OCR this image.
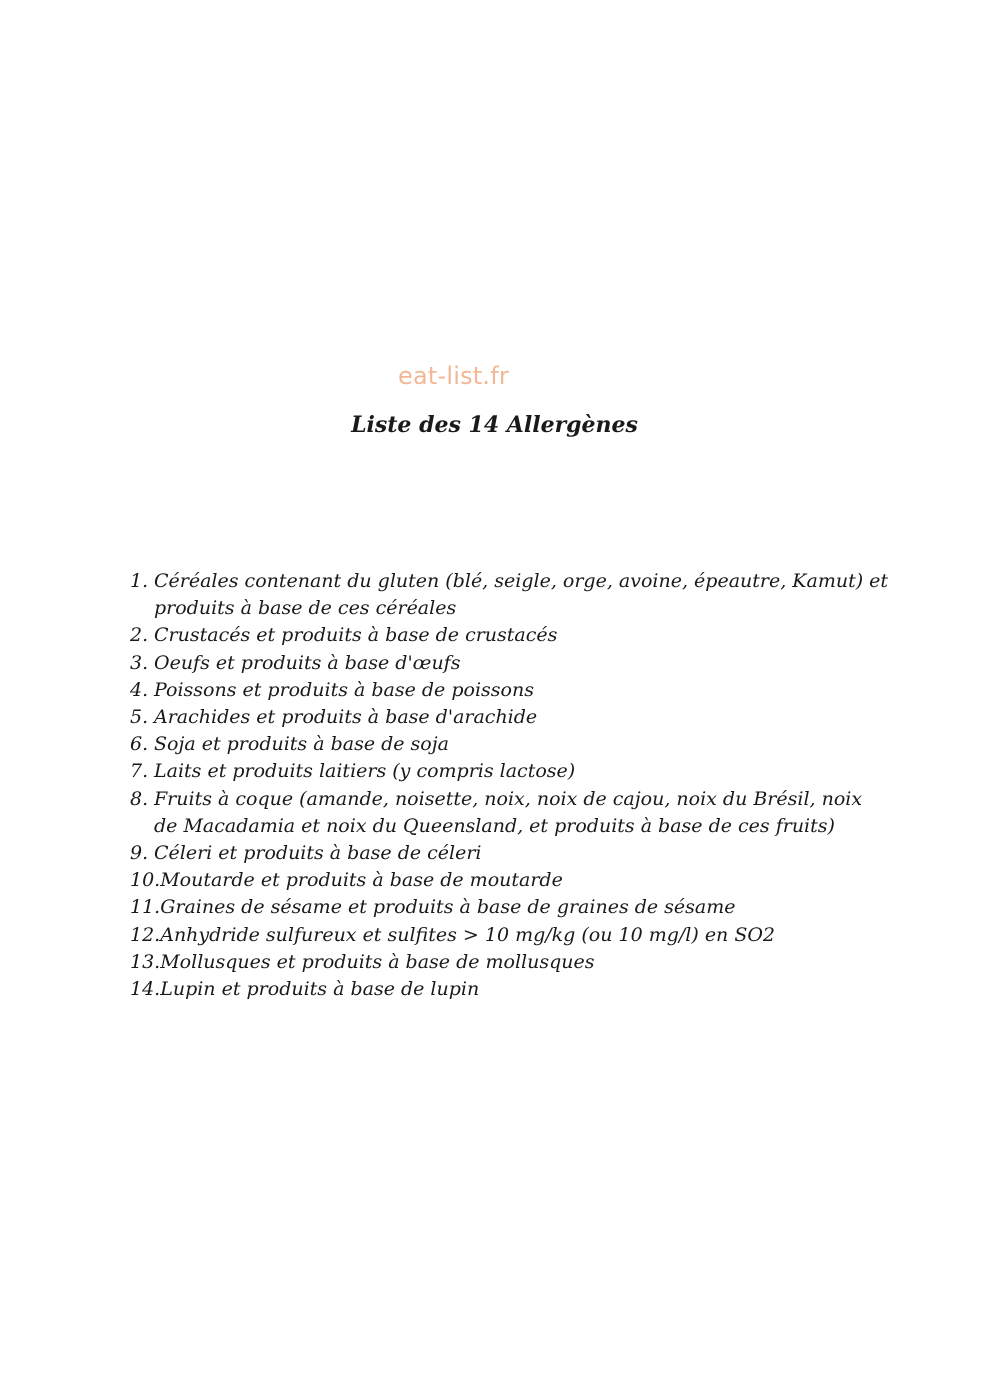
eat-list.fr
Liste des 14 Allergènes
1. Céréales contenant du gluten (blé, seigle, orge, avoine, épeautre, Kamut) et produits à base de ces céréales
2. Crustacés et produits à base de crustacés
3. Oeufs et produits à base d'œufs
4. Poissons et produits à base de poissons
5. Arachides et produits à base d'arachide
6. Soja et produits à base de soja
7. Laits et produits laitiers (y compris lactose)
8. Fruits à coque (amande, noisette, noix, noix de cajou, noix du Brésil, noix de Macadamia et noix du Queensland, et produits à base de ces fruits)
9. Céleri et produits à base de céleri
10. Moutarde et produits à base de moutarde
11. Graines de sésame et produits à base de graines de sésame
12. Anhydride sulfureux et sulfites > 10 mg/kg (ou 10 mg/l) en SO2
13. Mollusques et produits à base de mollusques
14. Lupin et produits à base de lupin
